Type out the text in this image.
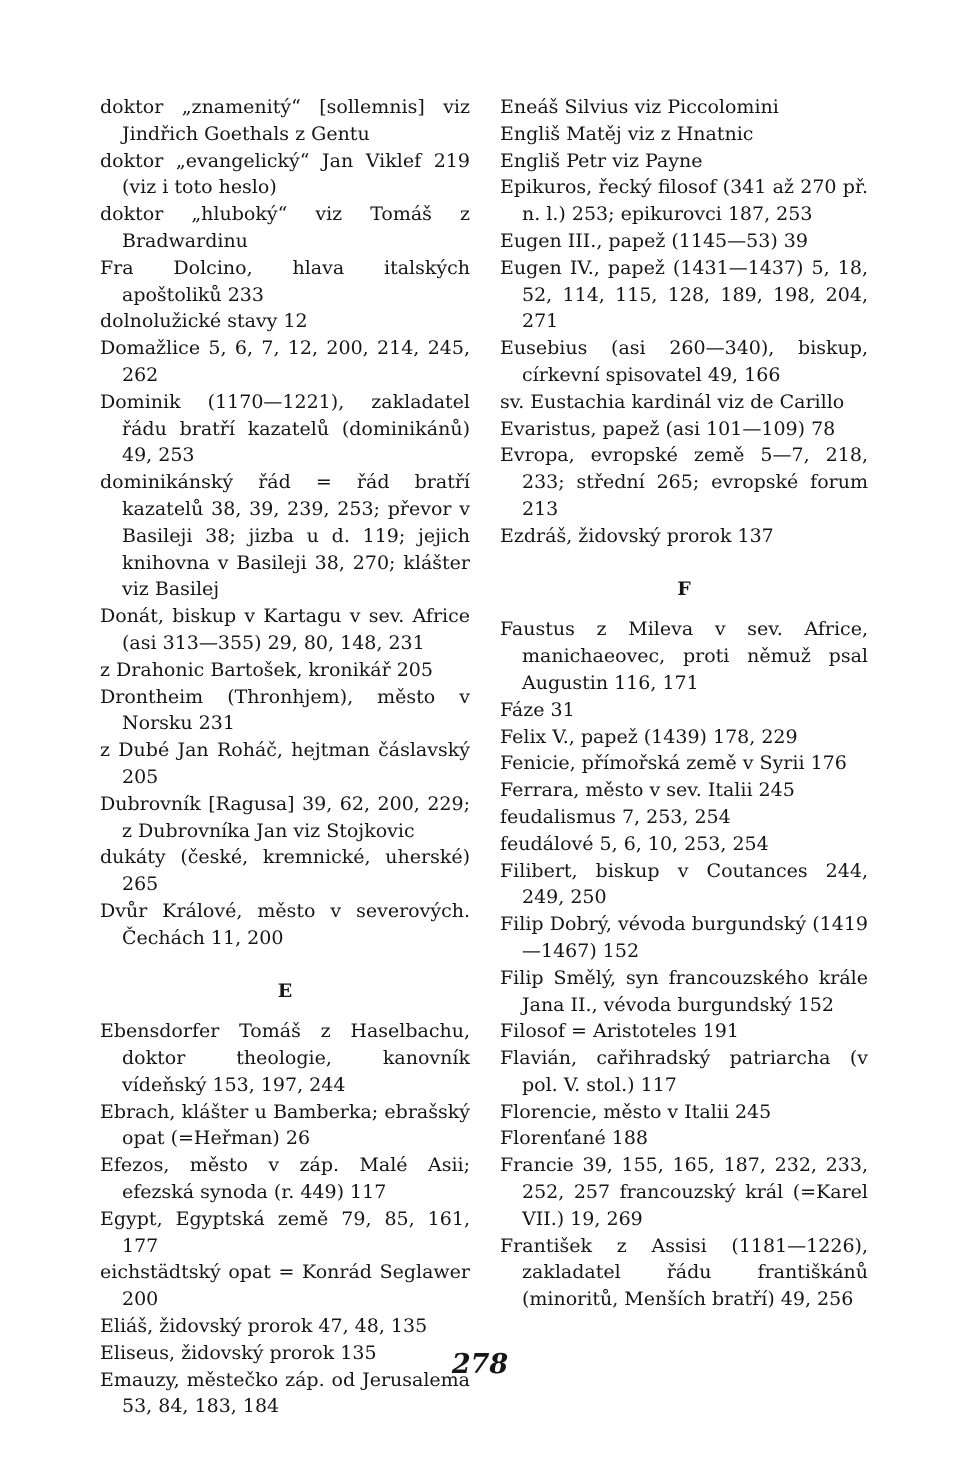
doktor „znamenitý“ [sollemnis] viz Jindřich Goethals z Gentu

doktor „evangelický“ Jan Viklef 219 (viz i toto heslo)

doktor „hluboký“ viz Tomáš z Bradwardinu

Fra Dolcino, hlava italských apoštoliků 233

dolnolužické stavy 12

Domažlice 5, 6, 7, 12, 200, 214, 245, 262

Dominik (1170—1221), zakladatel řádu bratří kazatelů (dominikánů) 49, 253

dominikánský řád = řád bratří kazatelů 38, 39, 239, 253; převor v Basileji 38; jizba u d. 119; jejich knihovna v Basileji 38, 270; klášter viz Basilej

Donát, biskup v Kartagu v sev. Africe (asi 313—355) 29, 80, 148, 231

z Drahonic Bartošek, kronikář 205

Drontheim (Thronhjem), město v Norsku 231

z Dubé Jan Roháč, hejtman čáslavský 205

Dubrovník [Ragusa] 39, 62, 200, 229; z Dubrovníka Jan viz Stojkovic

dukáty (české, kremnické, uherské) 265

Dvůr Králové, město v severových. Čechách 11, 200

E

Ebensdorfer Tomáš z Haselbachu, doktor theologie, kanovník vídeňský 153, 197, 244

Ebrach, klášter u Bamberka; ebrašský opat (=Heřman) 26

Efezos, město v záp. Malé Asii; efezská synoda (r. 449) 117

Egypt, Egyptská země 79, 85, 161, 177

eichstädtský opat = Konrád Seglawer 200

Eliáš, židovský prorok 47, 48, 135

Eliseus, židovský prorok 135

Emauzy, městečko záp. od Jerusalema 53, 84, 183, 184

Eneáš Silvius viz Piccolomini

Engliš Matěj viz z Hnatnic

Engliš Petr viz Payne

Epikuros, řecký filosof (341 až 270 př. n. l.) 253; epikurovci 187, 253

Eugen III., papež (1145—53) 39

Eugen IV., papež (1431—1437) 5, 18, 52, 114, 115, 128, 189, 198, 204, 271

Eusebius (asi 260—340), biskup, církevní spisovatel 49, 166

sv. Eustachia kardinál viz de Carillo

Evaristus, papež (asi 101—109) 78

Evropa, evropské země 5—7, 218, 233; střední 265; evropské forum 213

Ezdráš, židovský prorok 137

F

Faustus z Mileva v sev. Africe, manichaeovec, proti němuž psal Augustin 116, 171

Fáze 31

Felix V., papež (1439) 178, 229

Fenicie, přímořská země v Syrii 176

Ferrara, město v sev. Italii 245

feudalismus 7, 253, 254

feudálové 5, 6, 10, 253, 254

Filibert, biskup v Coutances 244, 249, 250

Filip Dobrý, vévoda burgundský (1419—1467) 152

Filip Smělý, syn francouzského krále Jana II., vévoda burgundský 152

Filosof = Aristoteles 191

Flavián, cařihradský patriarcha (v pol. V. stol.) 117

Florencie, město v Italii 245

Florenťané 188

Francie 39, 155, 165, 187, 232, 233, 252, 257 francouzský král (=Karel VII.) 19, 269

František z Assisi (1181—1226), zakladatel řádu františkánů (minoritů, Menších bratří) 49, 256

278
